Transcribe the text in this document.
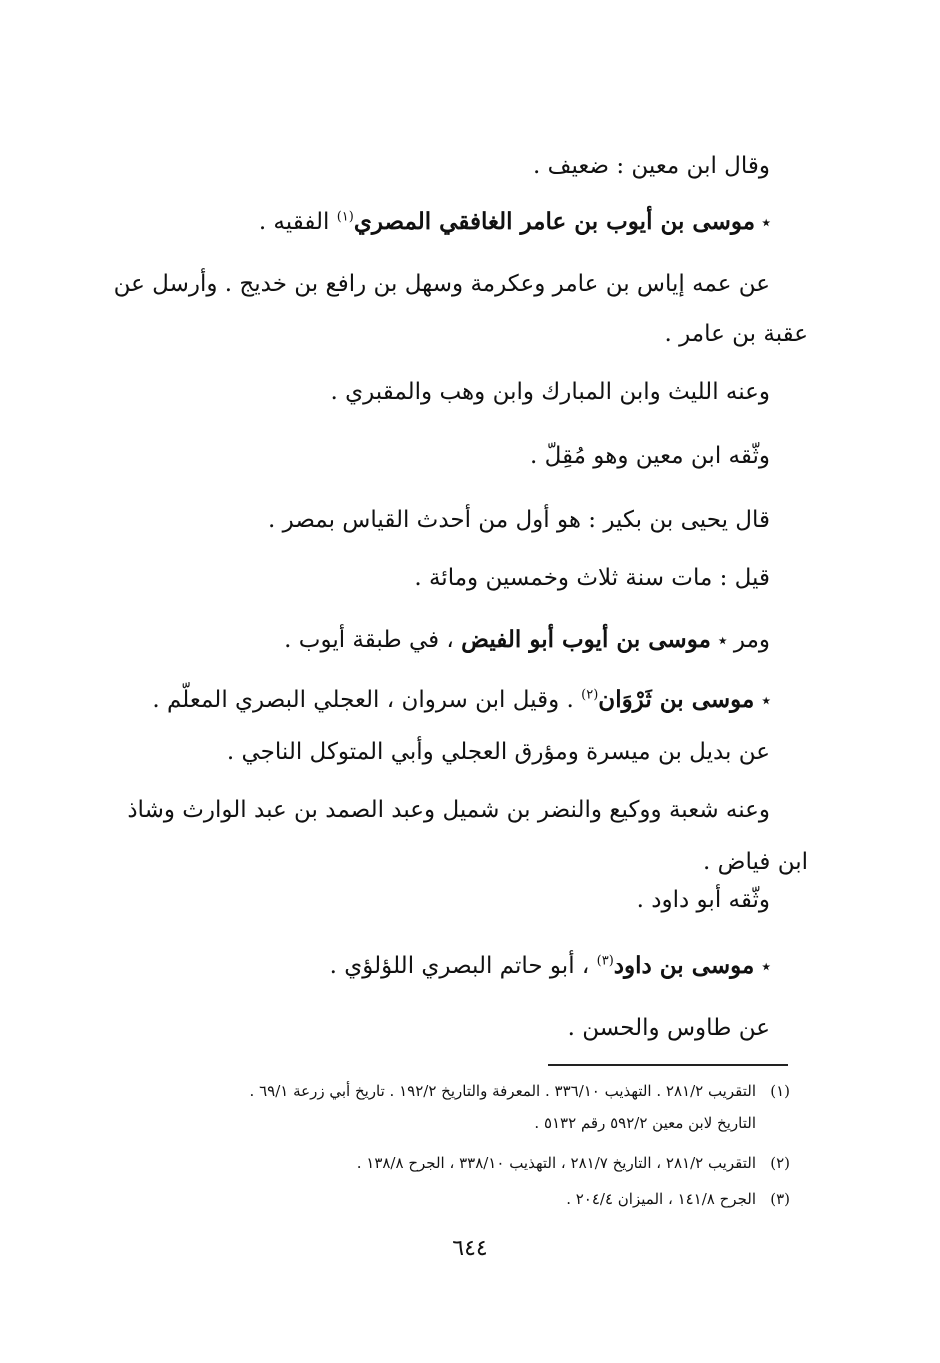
وقال ابن معين : ضعيف .
٭ موسى بن أيوب بن عامر الغافقي المصري$^{(١)}$ الفقيه .
عن عمه إياس بن عامر وعكرمة وسهل بن رافع بن خديج . وأرسل عن
عقبة بن عامر .
وعنه الليث وابن المبارك وابن وهب والمقبري .
وثّقه ابن معين وهو مُقِلّ .
قال يحيى بن بكير : هو أول من أحدث القياس بمصر .
قيل : مات سنة ثلاث وخمسين ومائة .
ومر ٭ موسى بن أيوب أبو الفيض ، في طبقة أيوب .
٭ موسى بن ثَرْوَان$^{(٢)}$ . وقيل ابن سروان ، العجلي البصري المعلّم .
عن بديل بن ميسرة ومؤرق العجلي وأبي المتوكل الناجي .
وعنه شعبة ووكيع والنضر بن شميل وعبد الصمد بن عبد الوارث وشاذ
ابن فياض .
وثّقه أبو داود .
٭ موسى بن داود$^{(٣)}$ ، أبو حاتم البصري اللؤلؤي .
عن طاوس والحسن .
(١)التقريب ٢٨١/٢ . التهذيب ٣٣٦/١٠ . المعرفة والتاريخ ١٩٢/٢ . تاريخ أبي زرعة ٦٩/١ .
التاريخ لابن معين ٥٩٢/٢ رقم ٥١٣٢ .
(٢)التقريب ٢٨١/٢ ، التاريخ ٢٨١/٧ ، التهذيب ٣٣٨/١٠ ، الجرح ١٣٨/٨ .
(٣)الجرح ١٤١/٨ ، الميزان ٢٠٤/٤ .
٦٤٤
